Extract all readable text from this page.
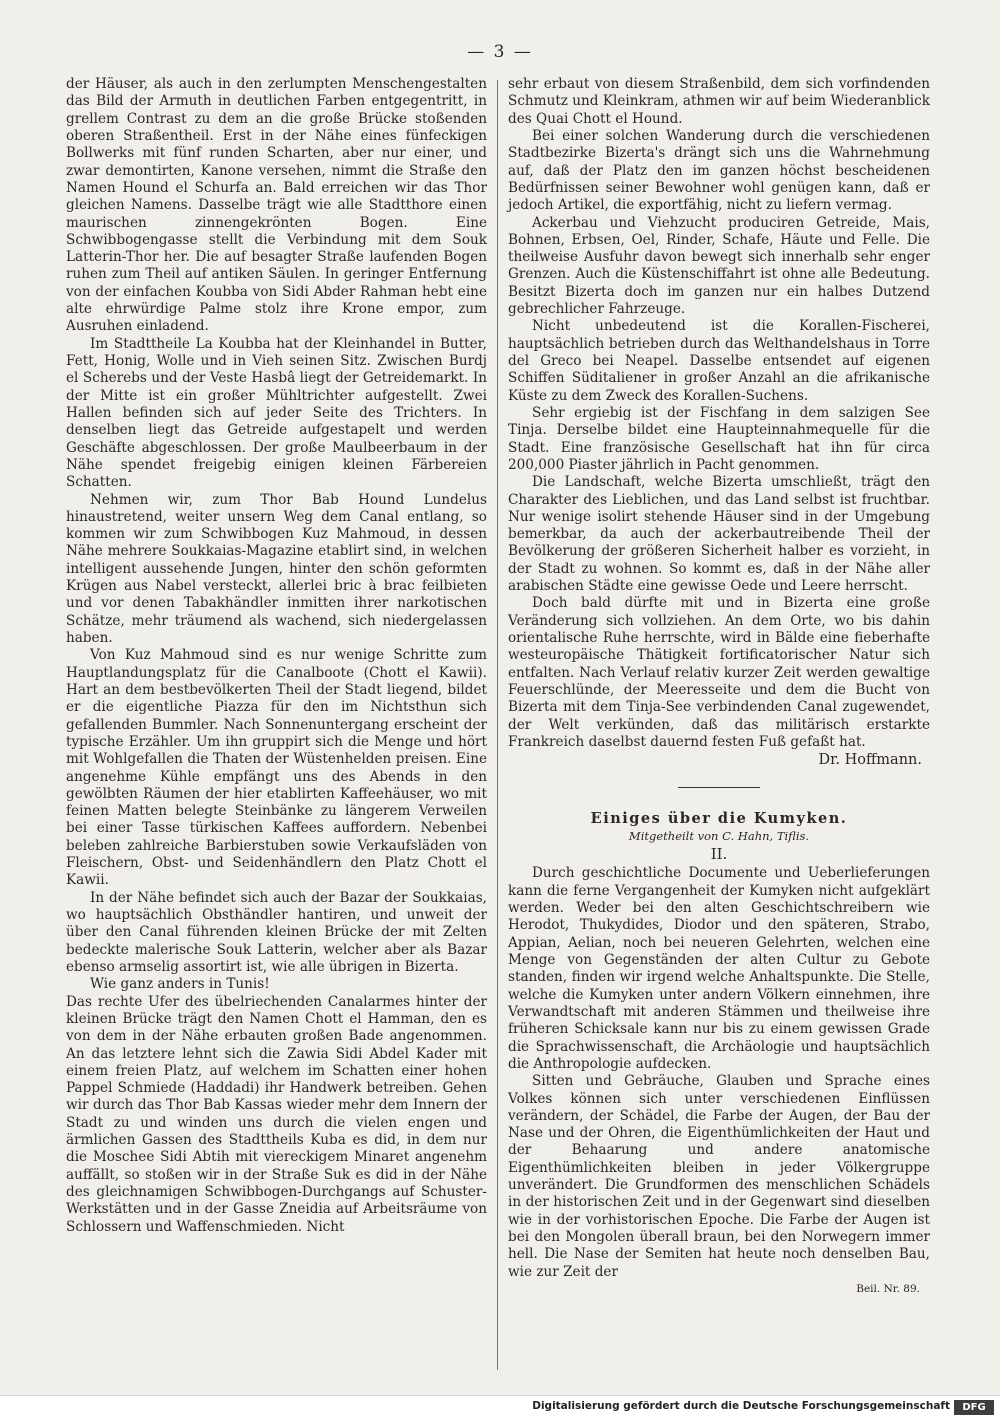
— 3 —

der Häuser, als auch in den zerlumpten Menschengestalten das Bild der Armuth in deutlichen Farben entgegentritt, in grellem Contrast zu dem an die große Brücke stoßenden oberen Straßentheil. Erst in der Nähe eines fünfeckigen Bollwerks mit fünf runden Scharten, aber nur einer, und zwar demontirten, Kanone versehen, nimmt die Straße den Namen Hound el Schurfa an. Bald erreichen wir das Thor gleichen Namens. Dasselbe trägt wie alle Stadtthore einen maurischen zinnengekrönten Bogen. Eine Schwibbogengasse stellt die Verbindung mit dem Souk Latterin-Thor her. Die auf besagter Straße laufenden Bogen ruhen zum Theil auf antiken Säulen. In geringer Entfernung von der einfachen Koubba von Sidi Abder Rahman hebt eine alte ehrwürdige Palme stolz ihre Krone empor, zum Ausruhen einladend.

Im Stadttheile La Koubba hat der Kleinhandel in Butter, Fett, Honig, Wolle und in Vieh seinen Sitz. Zwischen Burdj el Scherebs und der Veste Hasbâ liegt der Getreidemarkt. In der Mitte ist ein großer Mühltrichter aufgestellt. Zwei Hallen befinden sich auf jeder Seite des Trichters. In denselben liegt das Getreide aufgestapelt und werden Geschäfte abgeschlossen. Der große Maulbeerbaum in der Nähe spendet freigebig einigen kleinen Färbereien Schatten.

Nehmen wir, zum Thor Bab Hound Lundelus hinaustretend, weiter unsern Weg dem Canal entlang, so kommen wir zum Schwibbogen Kuz Mahmoud, in dessen Nähe mehrere Soukkaias-Magazine etablirt sind, in welchen intelligent aussehende Jungen, hinter den schön geformten Krügen aus Nabel versteckt, allerlei bric à brac feilbieten und vor denen Tabakhändler inmitten ihrer narkotischen Schätze, mehr träumend als wachend, sich niedergelassen haben.

Von Kuz Mahmoud sind es nur wenige Schritte zum Hauptlandungsplatz für die Canalboote (Chott el Kawii). Hart an dem bestbevölkerten Theil der Stadt liegend, bildet er die eigentliche Piazza für den im Nichtsthun sich gefallenden Bummler. Nach Sonnenuntergang erscheint der typische Erzähler. Um ihn gruppirt sich die Menge und hört mit Wohlgefallen die Thaten der Wüstenhelden preisen. Eine angenehme Kühle empfängt uns des Abends in den gewölbten Räumen der hier etablirten Kaffeehäuser, wo mit feinen Matten belegte Steinbänke zu längerem Verweilen bei einer Tasse türkischen Kaffees auffordern. Nebenbei beleben zahlreiche Barbierstuben sowie Verkaufsläden von Fleischern, Obst- und Seidenhändlern den Platz Chott el Kawii.

In der Nähe befindet sich auch der Bazar der Soukkaias, wo hauptsächlich Obsthändler hantiren, und unweit der über den Canal führenden kleinen Brücke der mit Zelten bedeckte malerische Souk Latterin, welcher aber als Bazar ebenso armselig assortirt ist, wie alle übrigen in Bizerta.

Wie ganz anders in Tunis!

Das rechte Ufer des übelriechenden Canalarmes hinter der kleinen Brücke trägt den Namen Chott el Hamman, den es von dem in der Nähe erbauten großen Bade angenommen. An das letztere lehnt sich die Zawia Sidi Abdel Kader mit einem freien Platz, auf welchem im Schatten einer hohen Pappel Schmiede (Haddadi) ihr Handwerk betreiben. Gehen wir durch das Thor Bab Kassas wieder mehr dem Innern der Stadt zu und winden uns durch die vielen engen und ärmlichen Gassen des Stadttheils Kuba es did, in dem nur die Moschee Sidi Abtih mit viereckigem Minaret angenehm auffällt, so stoßen wir in der Straße Suk es did in der Nähe des gleichnamigen Schwibbogen-Durchgangs auf Schuster-Werkstätten und in der Gasse Zneidia auf Arbeitsräume von Schlossern und Waffenschmieden. Nicht

sehr erbaut von diesem Straßenbild, dem sich vorfindenden Schmutz und Kleinkram, athmen wir auf beim Wiederanblick des Quai Chott el Hound.

Bei einer solchen Wanderung durch die verschiedenen Stadtbezirke Bizerta's drängt sich uns die Wahrnehmung auf, daß der Platz den im ganzen höchst bescheidenen Bedürfnissen seiner Bewohner wohl genügen kann, daß er jedoch Artikel, die exportfähig, nicht zu liefern vermag.

Ackerbau und Viehzucht produciren Getreide, Mais, Bohnen, Erbsen, Oel, Rinder, Schafe, Häute und Felle. Die theilweise Ausfuhr davon bewegt sich innerhalb sehr enger Grenzen. Auch die Küstenschiffahrt ist ohne alle Bedeutung. Besitzt Bizerta doch im ganzen nur ein halbes Dutzend gebrechlicher Fahrzeuge.

Nicht unbedeutend ist die Korallen-Fischerei, hauptsächlich betrieben durch das Welthandelshaus in Torre del Greco bei Neapel. Dasselbe entsendet auf eigenen Schiffen Süditaliener in großer Anzahl an die afrikanische Küste zu dem Zweck des Korallen-Suchens.

Sehr ergiebig ist der Fischfang in dem salzigen See Tinja. Derselbe bildet eine Haupteinnahmequelle für die Stadt. Eine französische Gesellschaft hat ihn für circa 200,000 Piaster jährlich in Pacht genommen.

Die Landschaft, welche Bizerta umschließt, trägt den Charakter des Lieblichen, und das Land selbst ist fruchtbar. Nur wenige isolirt stehende Häuser sind in der Umgebung bemerkbar, da auch der ackerbautreibende Theil der Bevölkerung der größeren Sicherheit halber es vorzieht, in der Stadt zu wohnen. So kommt es, daß in der Nähe aller arabischen Städte eine gewisse Oede und Leere herrscht.

Doch bald dürfte mit und in Bizerta eine große Veränderung sich vollziehen. An dem Orte, wo bis dahin orientalische Ruhe herrschte, wird in Bälde eine fieberhafte westeuropäische Thätigkeit fortificatorischer Natur sich entfalten. Nach Verlauf relativ kurzer Zeit werden gewaltige Feuerschlünde, der Meeresseite und dem die Bucht von Bizerta mit dem Tinja-See verbindenden Canal zugewendet, der Welt verkünden, daß das militärisch erstarkte Frankreich daselbst dauernd festen Fuß gefaßt hat.

Dr. Hoffmann.
Einiges über die Kumyken.
Mitgetheilt von C. Hahn, Tiflis.
II.

Durch geschichtliche Documente und Ueberlieferungen kann die ferne Vergangenheit der Kumyken nicht aufgeklärt werden. Weder bei den alten Geschichtschreibern wie Herodot, Thukydides, Diodor und den späteren, Strabo, Appian, Aelian, noch bei neueren Gelehrten, welchen eine Menge von Gegenständen der alten Cultur zu Gebote standen, finden wir irgend welche Anhaltspunkte. Die Stelle, welche die Kumyken unter andern Völkern einnehmen, ihre Verwandtschaft mit anderen Stämmen und theilweise ihre früheren Schicksale kann nur bis zu einem gewissen Grade die Sprachwissenschaft, die Archäologie und hauptsächlich die Anthropologie aufdecken.

Sitten und Gebräuche, Glauben und Sprache eines Volkes können sich unter verschiedenen Einflüssen verändern, der Schädel, die Farbe der Augen, der Bau der Nase und der Ohren, die Eigenthümlichkeiten der Haut und der Behaarung und andere anatomische Eigenthümlichkeiten bleiben in jeder Völkergruppe unverändert. Die Grundformen des menschlichen Schädels in der historischen Zeit und in der Gegenwart sind dieselben wie in der vorhistorischen Epoche. Die Farbe der Augen ist bei den Mongolen überall braun, bei den Norwegern immer hell. Die Nase der Semiten hat heute noch denselben Bau, wie zur Zeit der

Beil. Nr. 89.
Digitalisierung gefördert durch die Deutsche Forschungsgemeinschaft	DFG
